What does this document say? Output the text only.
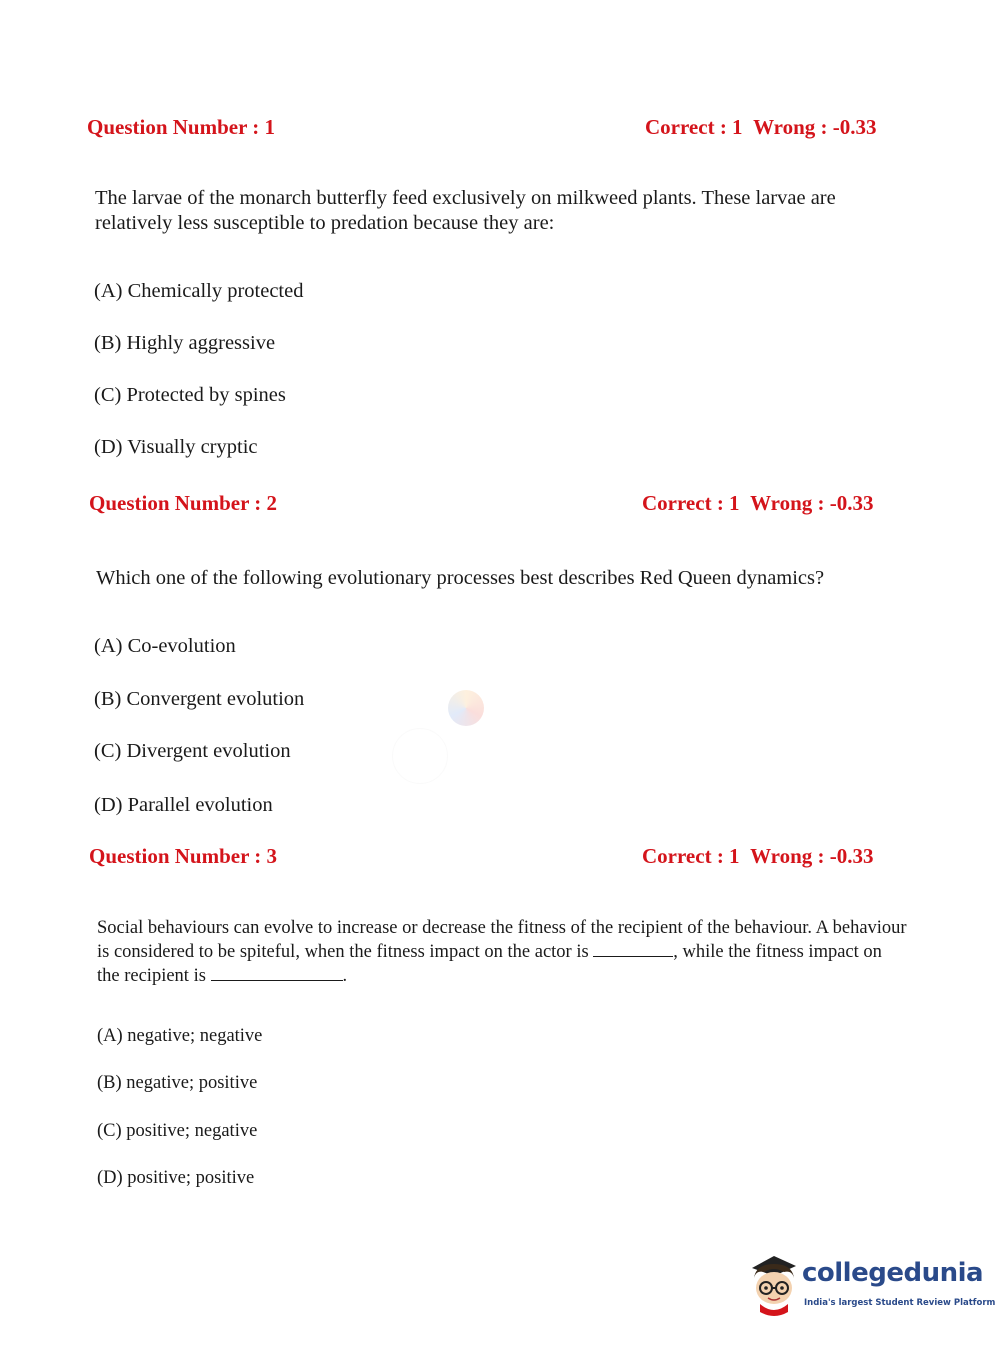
Question Number : 1	Correct : 1 Wrong : -0.33
The larvae of the monarch butterfly feed exclusively on milkweed plants. These larvae are relatively less susceptible to predation because they are:
(A) Chemically protected
(B) Highly aggressive
(C) Protected by spines
(D) Visually cryptic
Question Number : 2	Correct : 1 Wrong : -0.33
Which one of the following evolutionary processes best describes Red Queen dynamics?
(A) Co-evolution
(B) Convergent evolution
(C) Divergent evolution
(D) Parallel evolution
Question Number : 3	Correct : 1 Wrong : -0.33
Social behaviours can evolve to increase or decrease the fitness of the recipient of the behaviour. A behaviour is considered to be spiteful, when the fitness impact on the actor is	, while the fitness impact on the recipient is	.
(A) negative; negative
(B) negative; positive
(C) positive; negative
(D) positive; positive
collegedunia
India's largest Student Review Platform
